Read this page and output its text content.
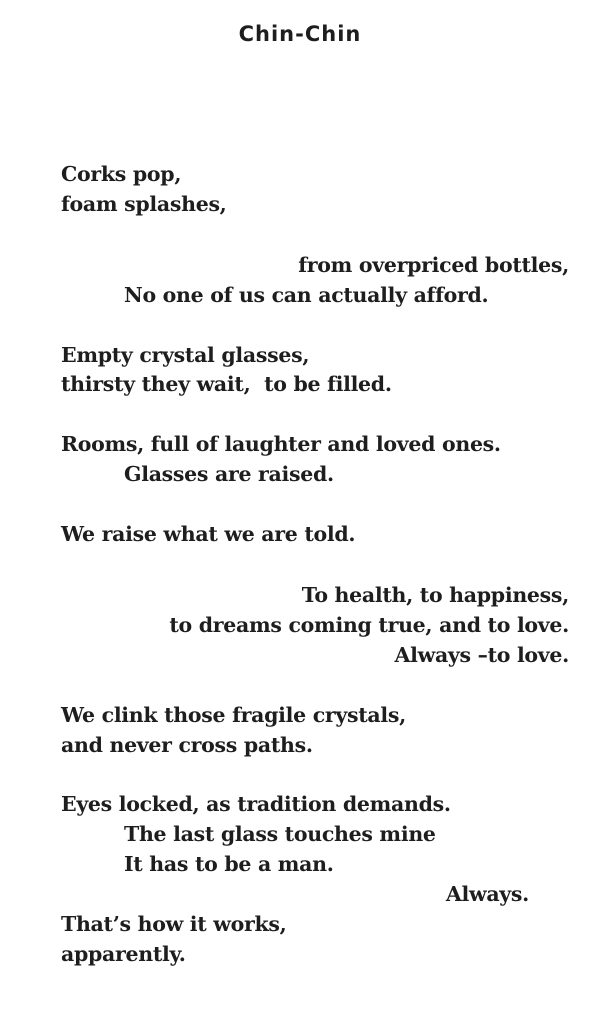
Chin-Chin
Corks pop,
foam splashes,
from overpriced bottles,
No one of us can actually afford.
Empty crystal glasses,
thirsty they wait,  to be filled.
Rooms, full of laughter and loved ones.
Glasses are raised.
We raise what we are told.
To health, to happiness,
to dreams coming true, and to love.
Always –to love.
We clink those fragile crystals,
and never cross paths.
Eyes locked, as tradition demands.
The last glass touches mine
It has to be a man.
Always.
That’s how it works,
apparently.
